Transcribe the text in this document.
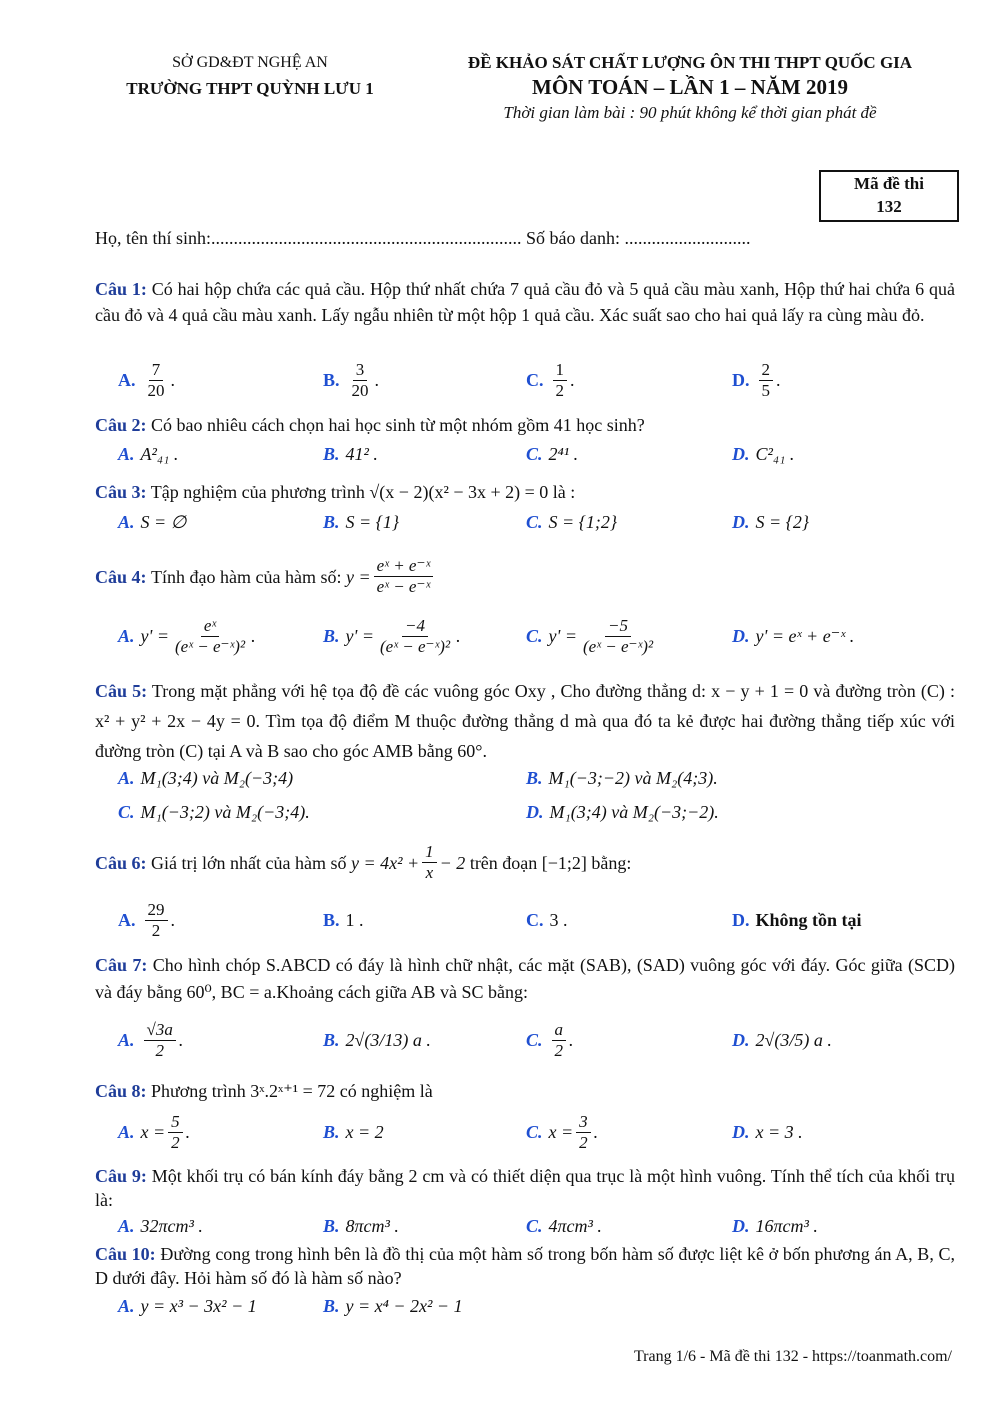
SỞ GD&ĐT NGHỆ AN
TRƯỜNG THPT QUỲNH LƯU 1
ĐỀ KHẢO SÁT CHẤT LƯỢNG ÔN THI THPT QUỐC GIA
MÔN TOÁN – LẦN 1 – NĂM 2019
Thời gian làm bài : 90 phút không kể thời gian phát đề
Mã đề thi
132
Họ, tên thí sinh:..................................................................... Số báo danh: ............................
Câu 1: Có hai hộp chứa các quả cầu. Hộp thứ nhất chứa 7 quả cầu đỏ và 5 quả cầu màu xanh, Hộp thứ hai chứa 6 quả cầu đỏ và 4 quả cầu màu xanh. Lấy ngẫu nhiên từ một hộp 1 quả cầu. Xác suất sao cho hai quả lấy ra cùng màu đỏ.
A. $\frac{7}{20}$ .	B. $\frac{3}{20}$ .	C. $\frac{1}{2}$ .	D. $\frac{2}{5}$ .
Câu 2: Có bao nhiêu cách chọn hai học sinh từ một nhóm gồm 41 học sinh?
A. A²₄₁ .	B. 41² .	C. 2⁴¹ .	D. C²₄₁ .
Câu 3: Tập nghiệm của phương trình √(x − 2)(x² − 3x + 2) = 0 là :
A. S = ∅	B. S = {1}	C. S = {1;2}	D. S = {2}
Câu 4:
Tính đạo hàm của hàm số:
$y = \frac{\text{eˣ + e⁻ˣ}}{\text{eˣ − e⁻ˣ}}$
A. $y' = \frac{\text{eˣ}}{\text{(eˣ − e⁻ˣ)²}}$ .	B. $y' = \frac{-4}{\text{(eˣ − e⁻ˣ)²}}$ .	C. $y' = \frac{-5}{\text{(eˣ − e⁻ˣ)²}}$	D. y' = eˣ + e⁻ˣ .
Câu 5: Trong mặt phẳng với hệ tọa độ đề các vuông góc Oxy , Cho đường thẳng d: x − y + 1 = 0 và đường tròn (C) : x² + y² + 2x − 4y = 0. Tìm tọa độ điểm M thuộc đường thẳng d mà qua đó ta kẻ được hai đường thẳng tiếp xúc với đường tròn (C) tại A và B sao cho góc AMB bằng 60°.
A. M₁(3;4) và M₂(−3;4)	B. M₁(−3;−2) và M₂(4;3).
C. M₁(−3;2) và M₂(−3;4).	D. M₁(3;4) và M₂(−3;−2).
Câu 6:
Giá trị lớn nhất của hàm số
$y = 4x^2 + \frac{1}{x} - 2$
trên đoạn [−1;2] bằng:
A. $\frac{29}{2}$ .	B. 1 .	C. 3 .	D. Không tồn tại
Câu 7: Cho hình chóp S.ABCD có đáy là hình chữ nhật, các mặt (SAB), (SAD) vuông góc với đáy. Góc giữa (SCD) và đáy bằng 60⁰, BC = a.Khoảng cách giữa AB và SC bằng:
A. $\frac{√3a}{2}$ .	B. 2√(3/13) a .	C. $\frac{a}{2}$ .	D. 2√(3/5) a .
Câu 8: Phương trình 3ˣ.2ˣ⁺¹ = 72 có nghiệm là
A. $x = \frac{5}{2}$ .	B. x = 2	C. $x = \frac{3}{2}$ .	D. x = 3 .
Câu 9: Một khối trụ có bán kính đáy bằng 2 cm và có thiết diện qua trục là một hình vuông. Tính thể tích của khối trụ là:
A. 32πcm³ .	B. 8πcm³ .	C. 4πcm³ .	D. 16πcm³ .
Câu 10: Đường cong trong hình bên là đồ thị của một hàm số trong bốn hàm số được liệt kê ở bốn phương án A, B, C, D dưới đây. Hỏi hàm số đó là hàm số nào?
A. y = x³ − 3x² − 1	B. y = x⁴ − 2x² − 1
Trang 1/6 - Mã đề thi 132 - https://toanmath.com/
